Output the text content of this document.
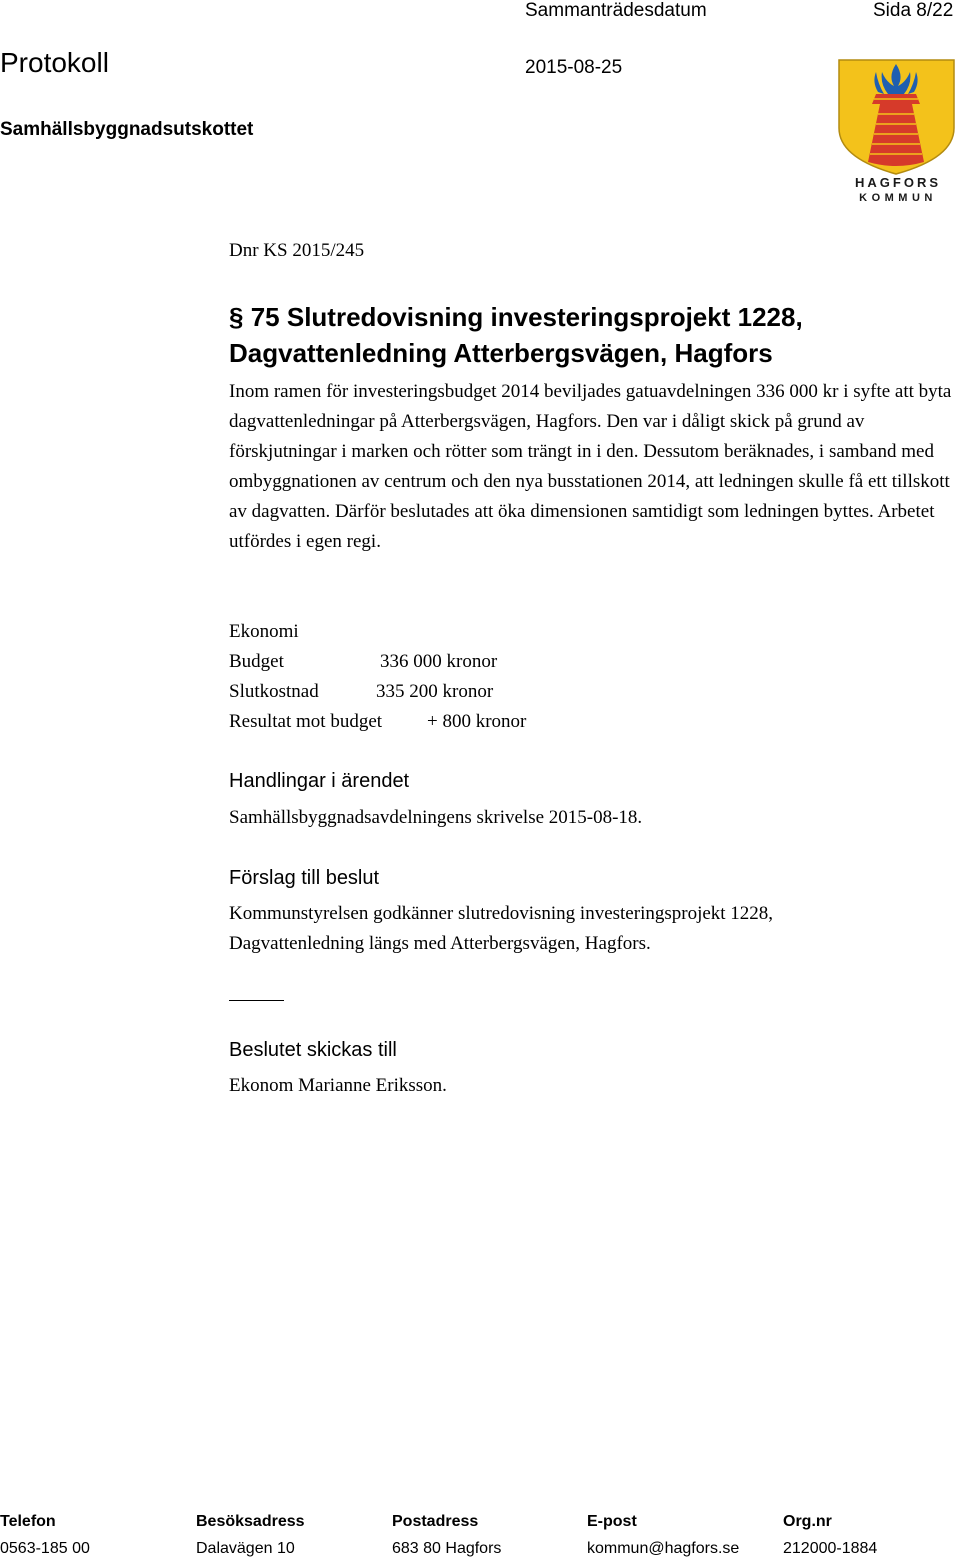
Sammanträdesdatum	Sida 8/22
Protokoll	2015-08-25
Samhällsbyggnadsutskottet
HAGFORS
KOMMUN
Dnr KS 2015/245
§ 75 Slutredovisning investeringsprojekt 1228,
Dagvattenledning Atterbergsvägen, Hagfors
Inom ramen för investeringsbudget 2014 beviljades gatuavdelningen 336 000 kr i syfte att byta dagvattenledningar på Atterbergsvägen, Hagfors. Den var i dåligt skick på grund av förskjutningar i marken och rötter som trängt in i den. Dessutom beräknades, i samband med ombyggnationen av centrum och den nya busstationen 2014, att ledningen skulle få ett tillskott av dagvatten. Därför beslutades att öka dimensionen samtidigt som ledningen byttes. Arbetet utfördes i egen regi.
Ekonomi
Budget	336 000 kronor
Slutkostnad	335 200 kronor
Resultat mot budget + 800 kronor
Handlingar i ärendet
Samhällsbyggnadsavdelningens skrivelse 2015-08-18.
Förslag till beslut
Kommunstyrelsen godkänner slutredovisning investeringsprojekt 1228,
Dagvattenledning längs med Atterbergsvägen, Hagfors.
Beslutet skickas till
Ekonom Marianne Eriksson.
Telefon	Besöksadress	Postadress	E-post	Org.nr
0563-185 00	Dalavägen 10	683 80 Hagfors	kommun@hagfors.se	212000-1884
